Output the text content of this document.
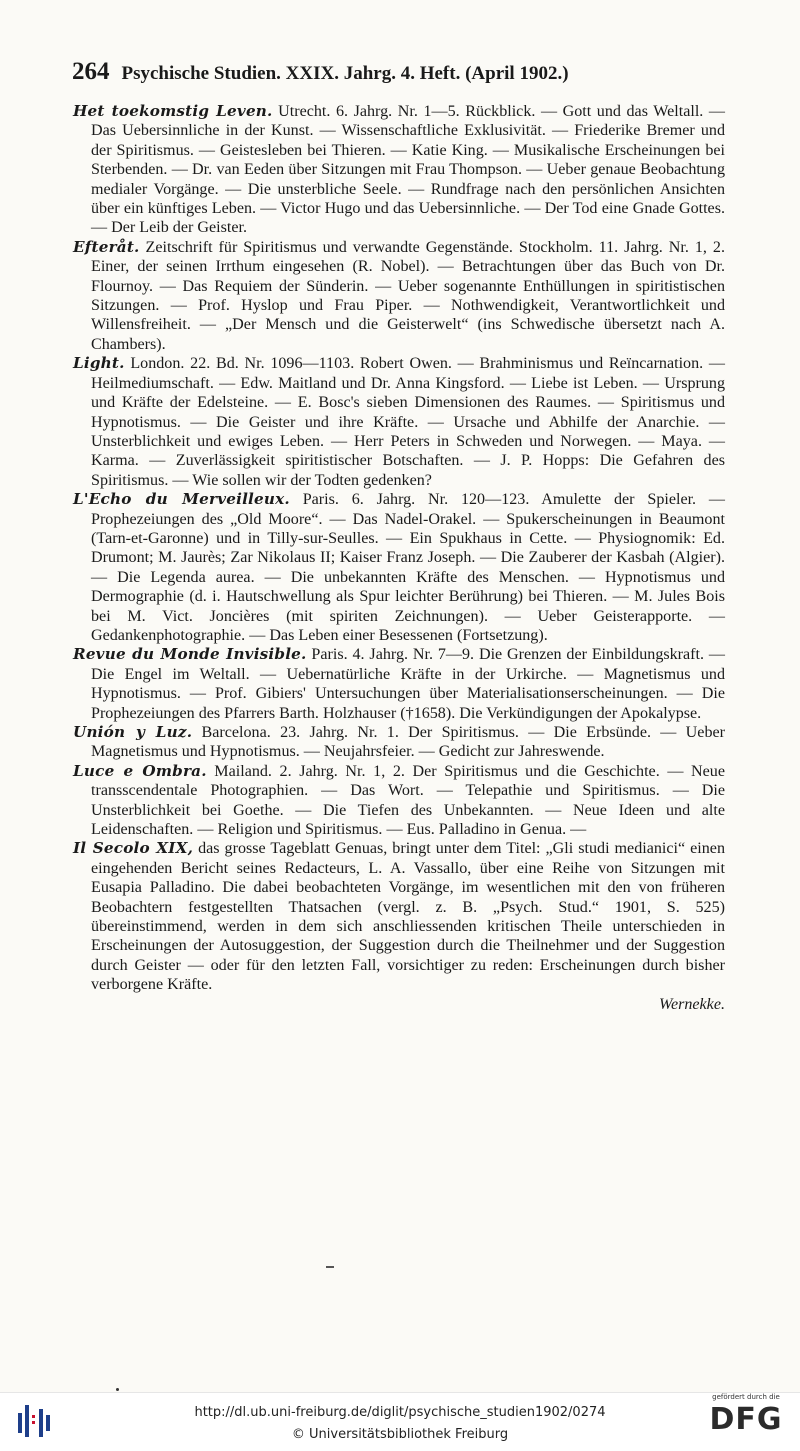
264 Psychische Studien. XXIX. Jahrg. 4. Heft. (April 1902.)

Het toekomstig Leven. Utrecht. 6. Jahrg. Nr. 1—5. Rückblick. — Gott und das Weltall. — Das Uebersinnliche in der Kunst. — Wissenschaftliche Exklusivität. — Friederike Bremer und der Spiritismus. — Geistesleben bei Thieren. — Katie King. — Musikalische Erscheinungen bei Sterbenden. — Dr. van Eeden über Sitzungen mit Frau Thompson. — Ueber genaue Beobachtung medialer Vorgänge. — Die unsterbliche Seele. — Rundfrage nach den persönlichen Ansichten über ein künftiges Leben. — Victor Hugo und das Uebersinnliche. — Der Tod eine Gnade Gottes. — Der Leib der Geister.

Efteråt. Zeitschrift für Spiritismus und verwandte Gegenstände. Stockholm. 11. Jahrg. Nr. 1, 2. Einer, der seinen Irrthum eingesehen (R. Nobel). — Betrachtungen über das Buch von Dr. Flournoy. — Das Requiem der Sünderin. — Ueber sogenannte Enthüllungen in spiritistischen Sitzungen. — Prof. Hyslop und Frau Piper. — Nothwendigkeit, Verantwortlichkeit und Willensfreiheit. — „Der Mensch und die Geisterwelt“ (ins Schwedische übersetzt nach A. Chambers).

Light. London. 22. Bd. Nr. 1096—1103. Robert Owen. — Brahminismus und Reïncarnation. — Heilmediumschaft. — Edw. Maitland und Dr. Anna Kingsford. — Liebe ist Leben. — Ursprung und Kräfte der Edelsteine. — E. Bosc's sieben Dimensionen des Raumes. — Spiritismus und Hypnotismus. — Die Geister und ihre Kräfte. — Ursache und Abhilfe der Anarchie. — Unsterblichkeit und ewiges Leben. — Herr Peters in Schweden und Norwegen. — Maya. — Karma. — Zuverlässigkeit spiritistischer Botschaften. — J. P. Hopps: Die Gefahren des Spiritismus. — Wie sollen wir der Todten gedenken?

L'Echo du Merveilleux. Paris. 6. Jahrg. Nr. 120—123. Amulette der Spieler. — Prophezeiungen des „Old Moore“. — Das Nadel-Orakel. — Spukerscheinungen in Beaumont (Tarn-et-Garonne) und in Tilly-sur-Seulles. — Ein Spukhaus in Cette. — Physiognomik: Ed. Drumont; M. Jaurès; Zar Nikolaus II; Kaiser Franz Joseph. — Die Zauberer der Kasbah (Algier). — Die Legenda aurea. — Die unbekannten Kräfte des Menschen. — Hypnotismus und Dermographie (d. i. Hautschwellung als Spur leichter Berührung) bei Thieren. — M. Jules Bois bei M. Vict. Joncières (mit spiriten Zeichnungen). — Ueber Geisterapporte. — Gedankenphotographie. — Das Leben einer Besessenen (Fortsetzung).

Revue du Monde Invisible. Paris. 4. Jahrg. Nr. 7—9. Die Grenzen der Einbildungskraft. — Die Engel im Weltall. — Uebernatürliche Kräfte in der Urkirche. — Magnetismus und Hypnotismus. — Prof. Gibiers' Untersuchungen über Materialisationserscheinungen. — Die Prophezeiungen des Pfarrers Barth. Holzhauser (†1658). Die Verkündigungen der Apokalypse.

Unión y Luz. Barcelona. 23. Jahrg. Nr. 1. Der Spiritismus. — Die Erbsünde. — Ueber Magnetismus und Hypnotismus. — Neujahrsfeier. — Gedicht zur Jahreswende.

Luce e Ombra. Mailand. 2. Jahrg. Nr. 1, 2. Der Spiritismus und die Geschichte. — Neue transscendentale Photographien. — Das Wort. — Telepathie und Spiritismus. — Die Unsterblichkeit bei Goethe. — Die Tiefen des Unbekannten. — Neue Ideen und alte Leidenschaften. — Religion und Spiritismus. — Eus. Palladino in Genua. —

Il Secolo XIX, das grosse Tageblatt Genuas, bringt unter dem Titel: „Gli studi medianici“ einen eingehenden Bericht seines Redacteurs, L. A. Vassallo, über eine Reihe von Sitzungen mit Eusapia Palladino. Die dabei beobachteten Vorgänge, im wesentlichen mit den von früheren Beobachtern festgestellten Thatsachen (vergl. z. B. „Psych. Stud.“ 1901, S. 525) übereinstimmend, werden in dem sich anschliessenden kritischen Theile unterschieden in Erscheinungen der Autosuggestion, der Suggestion durch die Theilnehmer und der Suggestion durch Geister — oder für den letzten Fall, vorsichtiger zu reden: Erscheinungen durch bisher verborgene Kräfte.

Wernekke.

http://dl.ub.uni-freiburg.de/diglit/psychische_studien1902/0274
© Universitätsbibliothek Freiburg
gefördert durch die
DFG
